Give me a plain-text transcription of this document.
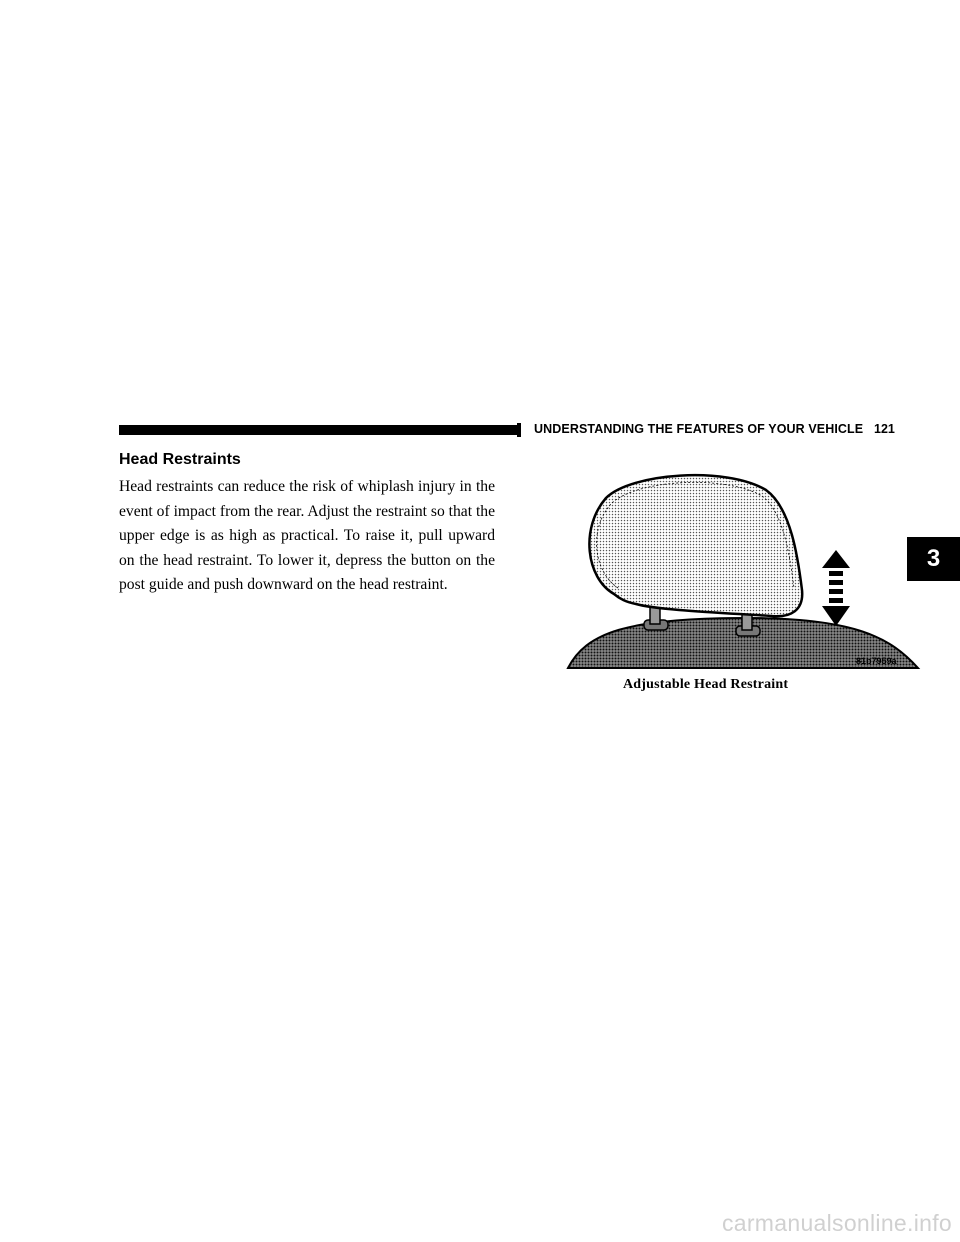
UNDERSTANDING THE FEATURES OF YOUR VEHICLE 121
Head Restraints

Head restraints can reduce the risk of whiplash injury in the event of impact from the rear. Adjust the restraint so that the upper edge is as high as practical. To raise it, pull upward on the head restraint. To lower it, depress the button on the post guide and push downward on the head restraint.

81b7959a
Adjustable Head Restraint
3
carmanualsonline.info
